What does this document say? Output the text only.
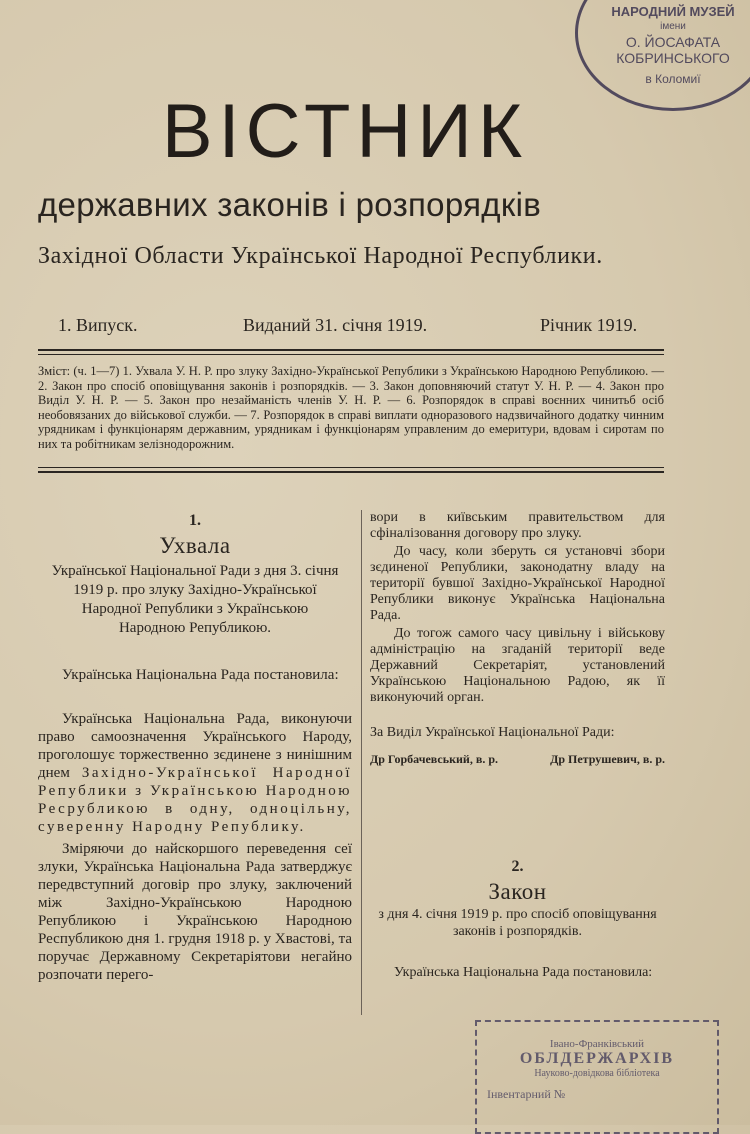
НАРОДНИЙ МУЗЕЙ
імени
О. ЙОСАФАТА
КОБРИНСЬКОГО
в Коломиї
ВІСТНИК
державних законів і розпорядків
Західної Области Української Народної Республики.
1. Випуск.	Виданий 31. січня 1919.	Річник 1919.
Зміст: (ч. 1—7) 1. Ухвала У. Н. Р. про злуку Західно-Української Републики з Українською Народною Републикою. — 2. Закон про спосіб оповіщування законів і розпорядків. — 3. Закон доповняючий статут У. Н. Р. — 4. Закон про Виділ У. Н. Р. — 5. Закон про незайманість членів У. Н. Р. — 6. Розпорядок в справі воєнних чинитьб осіб необовязаних до військової служби. — 7. Розпорядок в справі виплати одноразового надзвичайного додатку чинним урядникам і функціонарям державним, урядникам і функціонарям управленим до емеритури, вдовам і сиротам по них та робітникам зелізнодорожним.
1.
Ухвала
Української Національної Ради з дня 3. січня 1919 р. про злуку Західно-Української Народної Републики з Українською Народною Републикою.
Українська Національна Рада постановила:
Українська Національна Рада, виконуючи право самоозначення Українського Народу, проголошує торжественно зєдинене з нинішним днем Західно-Української Народної Републики з Українською Народною Ресрубликою в одну, одноцільну, суверенну Народну Републику.
Зміряючи до найскоршого переведення сеї злуки, Українська Національна Рада затверджує передвступний договір про злуку, заключений між Західно-Українською Народною Републикою і Українською Народною Республикою дня 1. грудня 1918 р. у Хвастові, та поручає Державному Секретаріятови негайно розпочати перего-
вори в київським правительством для сфіналізовання договору про злуку.
До часу, коли зберуть ся установчі збори зєдиненої Републики, законодатну владу на території бувшої Західно-Української Народної Републики виконує Українська Національна Рада.
До тогож самого часу цивільну і військову адміністрацію на згаданій території веде Державний Секретаріят, установлений Українською Національною Радою, як її виконуючий орган.
За Виділ Української Національної Ради:
Др Горбачевський, в. р.	Др Петрушевич, в. р.
2.
Закон
з дня 4. січня 1919 р. про спосіб оповіщування законів і розпорядків.
Українська Національна Рада постановила:
Івано-Франківський
ОБЛДЕРЖАРХІВ
Науково-довідкова бібліотека
Інвентарний №
